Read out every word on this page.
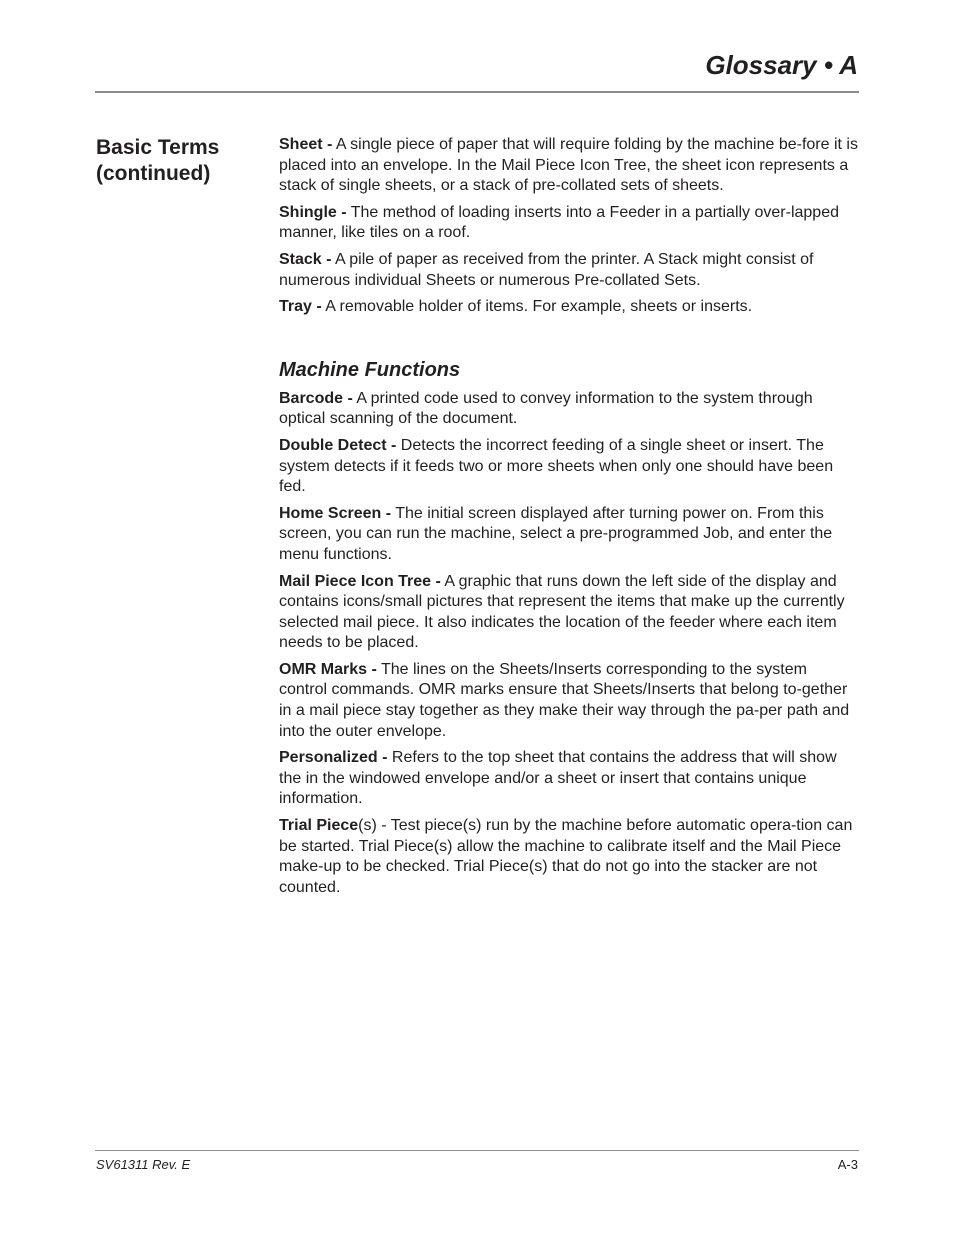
Glossary • A
Basic Terms
(continued)

Sheet - A single piece of paper that will require folding by the machine be-fore it is placed into an envelope. In the Mail Piece Icon Tree, the sheet icon represents a stack of single sheets, or a stack of pre-collated sets of sheets.

Shingle - The method of loading inserts into a Feeder in a partially over-lapped manner, like tiles on a roof.

Stack - A pile of paper as received from the printer. A Stack might consist of numerous individual Sheets or numerous Pre-collated Sets.

Tray - A removable holder of items. For example, sheets or inserts.

Machine Functions

Barcode - A printed code used to convey information to the system through optical scanning of the document.

Double Detect - Detects the incorrect feeding of a single sheet or insert. The system detects if it feeds two or more sheets when only one should have been fed.

Home Screen - The initial screen displayed after turning power on. From this screen, you can run the machine, select a pre-programmed Job, and enter the menu functions.

Mail Piece Icon Tree - A graphic that runs down the left side of the display and contains icons/small pictures that represent the items that make up the currently selected mail piece. It also indicates the location of the feeder where each item needs to be placed.

OMR Marks - The lines on the Sheets/Inserts corresponding to the system control commands. OMR marks ensure that Sheets/Inserts that belong to-gether in a mail piece stay together as they make their way through the pa-per path and into the outer envelope.

Personalized - Refers to the top sheet that contains the address that will show the in the windowed envelope and/or a sheet or insert that contains unique information.

Trial Piece(s) - Test piece(s) run by the machine before automatic opera-tion can be started. Trial Piece(s) allow the machine to calibrate itself and the Mail Piece make-up to be checked. Trial Piece(s) that do not go into the stacker are not counted.

SV61311 Rev. E	A-3
